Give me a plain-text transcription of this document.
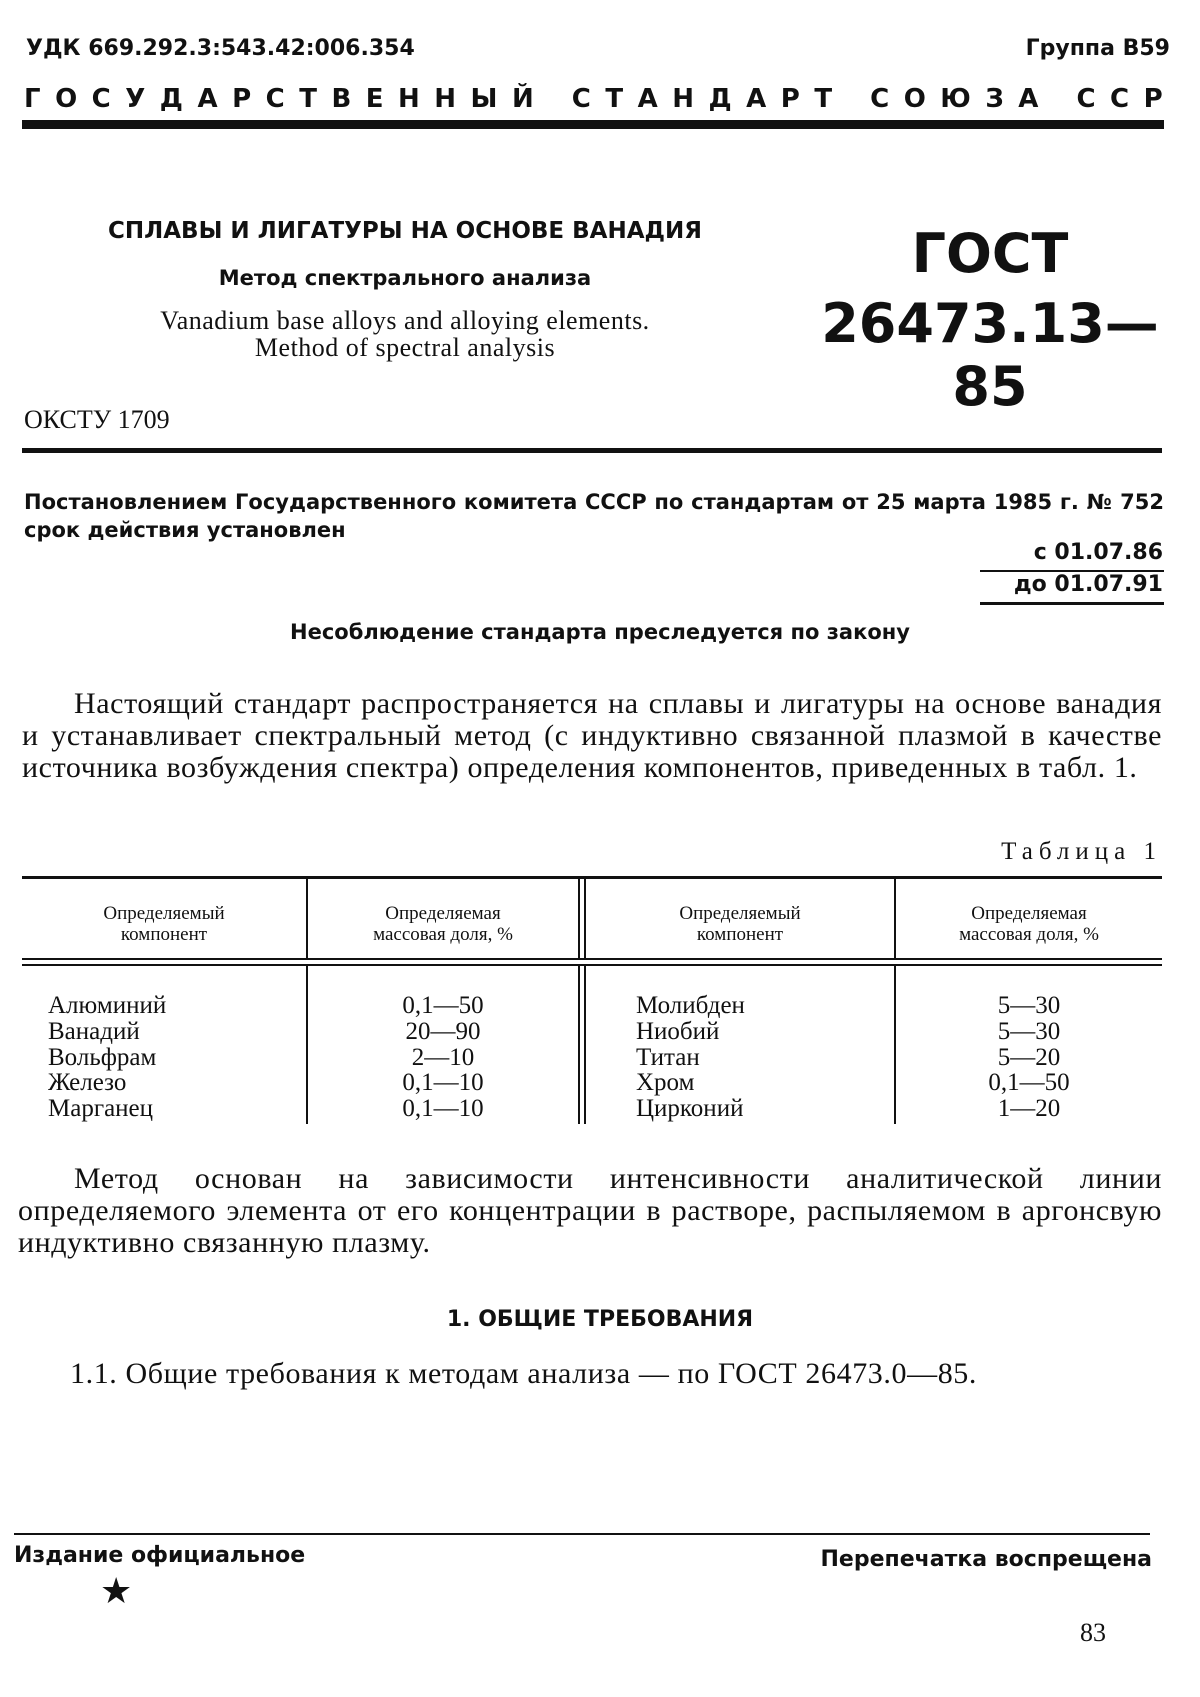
УДК 669.292.3:543.42:006.354	Группа В59
ГОСУДАРСТВЕННЫЙ СТАНДАРТ СОЮЗА ССР
СПЛАВЫ И ЛИГАТУРЫ НА ОСНОВЕ ВАНАДИЯ
Метод спектрального анализа
Vanadium base alloys and alloying elements.
Method of spectral analysis
ГОСТ
26473.13—85
ОКСТУ 1709
Постановлением Государственного комитета СССР по стандартам от 25 марта 1985 г. № 752 срок действия установлен
с 01.07.86
до 01.07.91
Несоблюдение стандарта преследуется по закону
Настоящий стандарт распространяется на сплавы и лигатуры на основе ванадия и устанавливает спектральный метод (с индуктивно связанной плазмой в качестве источника возбуждения спектра) определения компонентов, приведенных в табл. 1.
Таблица 1
Определяемый
компонент
Определяемая
массовая доля, %
Определяемый
компонент
Определяемая
массовая доля, %
Алюминий
Ванадий
Вольфрам
Железо
Марганец
0,1—50
20—90
2—10
0,1—10
0,1—10
Молибден
Ниобий
Титан
Хром
Цирконий
5—30
5—30
5—20
0,1—50
1—20
Метод основан на зависимости интенсивности аналитической линии определяемого элемента от его концентрации в растворе, распыляемом в аргонсвую индуктивно связанную плазму.
1. ОБЩИЕ ТРЕБОВАНИЯ
1.1. Общие требования к методам анализа — по ГОСТ 26473.0—85.
Издание официальное	Перепечатка воспрещена
★
83
